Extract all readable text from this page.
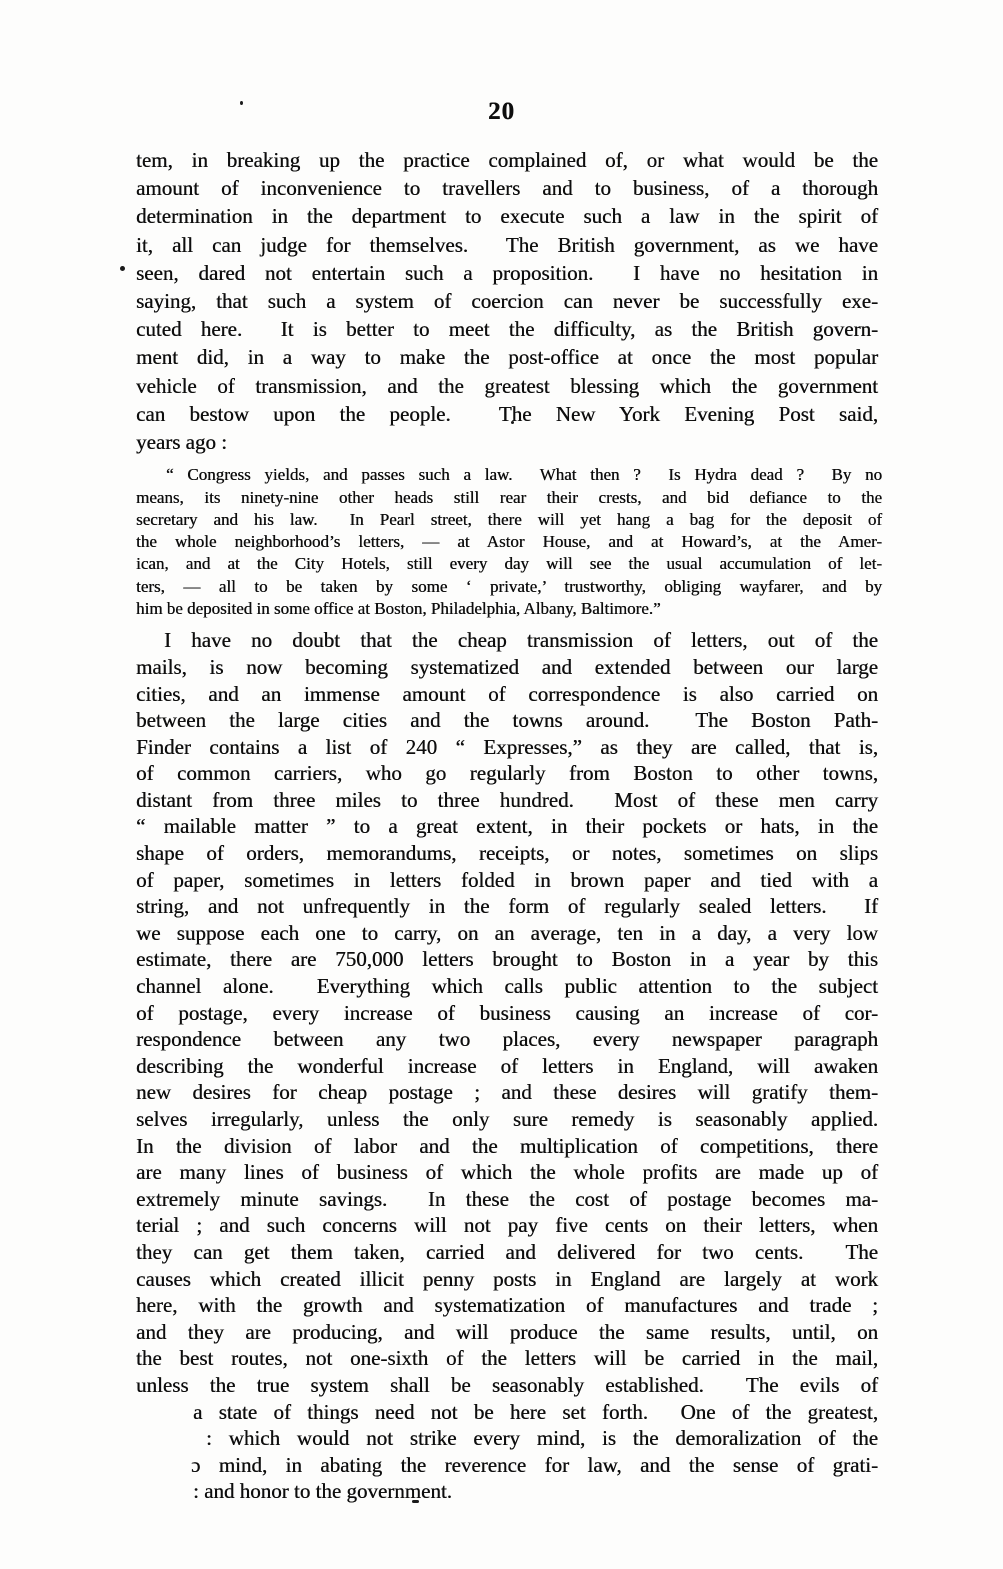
20
tem, in breaking up the practice complained of, or what would be the
amount of inconvenience to travellers and to business, of a thorough
determination in the department to execute such a law in the spirit of
it, all can judge for themselves.  The British government, as we have
seen, dared not entertain such a proposition.  I have no hesitation in
saying, that such a system of coercion can never be successfully exe-
cuted here.  It is better to meet the difficulty, as the British govern-
ment did, in a way to make the post-office at once the most popular
vehicle of transmission, and the greatest blessing which the government
can bestow upon the people.  The New York Evening Post said,
years ago :
“ Congress yields, and passes such a law.  What then ?  Is Hydra dead ?  By no
means, its ninety-nine other heads still rear their crests, and bid defiance to the
secretary and his law.  In Pearl street, there will yet hang a bag for the deposit of
the whole neighborhood’s letters, — at Astor House, and at Howard’s, at the Amer-
ican, and at the City Hotels, still every day will see the usual accumulation of let-
ters, — all to be taken by some ‘ private,’ trustworthy, obliging wayfarer, and by
him be deposited in some office at Boston, Philadelphia, Albany, Baltimore.”
I have no doubt that the cheap transmission of letters, out of the
mails, is now becoming systematized and extended between our large
cities, and an immense amount of correspondence is also carried on
between the large cities and the towns around.  The Boston Path-
Finder contains a list of 240 “ Expresses,” as they are called, that is,
of common carriers, who go regularly from Boston to other towns,
distant from three miles to three hundred.  Most of these men carry
“ mailable matter ” to a great extent, in their pockets or hats, in the
shape of orders, memorandums, receipts, or notes, sometimes on slips
of paper, sometimes in letters folded in brown paper and tied with a
string, and not unfrequently in the form of regularly sealed letters.  If
we suppose each one to carry, on an average, ten in a day, a very low
estimate, there are 750,000 letters brought to Boston in a year by this
channel alone.  Everything which calls public attention to the subject
of postage, every increase of business causing an increase of cor-
respondence between any two places, every newspaper paragraph
describing the wonderful increase of letters in England, will awaken
new desires for cheap postage ; and these desires will gratify them-
selves irregularly, unless the only sure remedy is seasonably applied.
In the division of labor and the multiplication of competitions, there
are many lines of business of which the whole profits are made up of
extremely minute savings.  In these the cost of postage becomes ma-
terial ; and such concerns will not pay five cents on their letters, when
they can get them taken, carried and delivered for two cents.  The
causes which created illicit penny posts in England are largely at work
here, with the growth and systematization of manufactures and trade ;
and they are producing, and will produce the same results, until, on
the best routes, not one-sixth of the letters will be carried in the mail,
unless the true system shall be seasonably established.  The evils of
a state of things need not be here set forth.  One of the greatest,
: which would not strike every mind, is the demoralization of the
ɔ mind, in abating the reverence for law, and the sense of grati-
: and honor to the government.
